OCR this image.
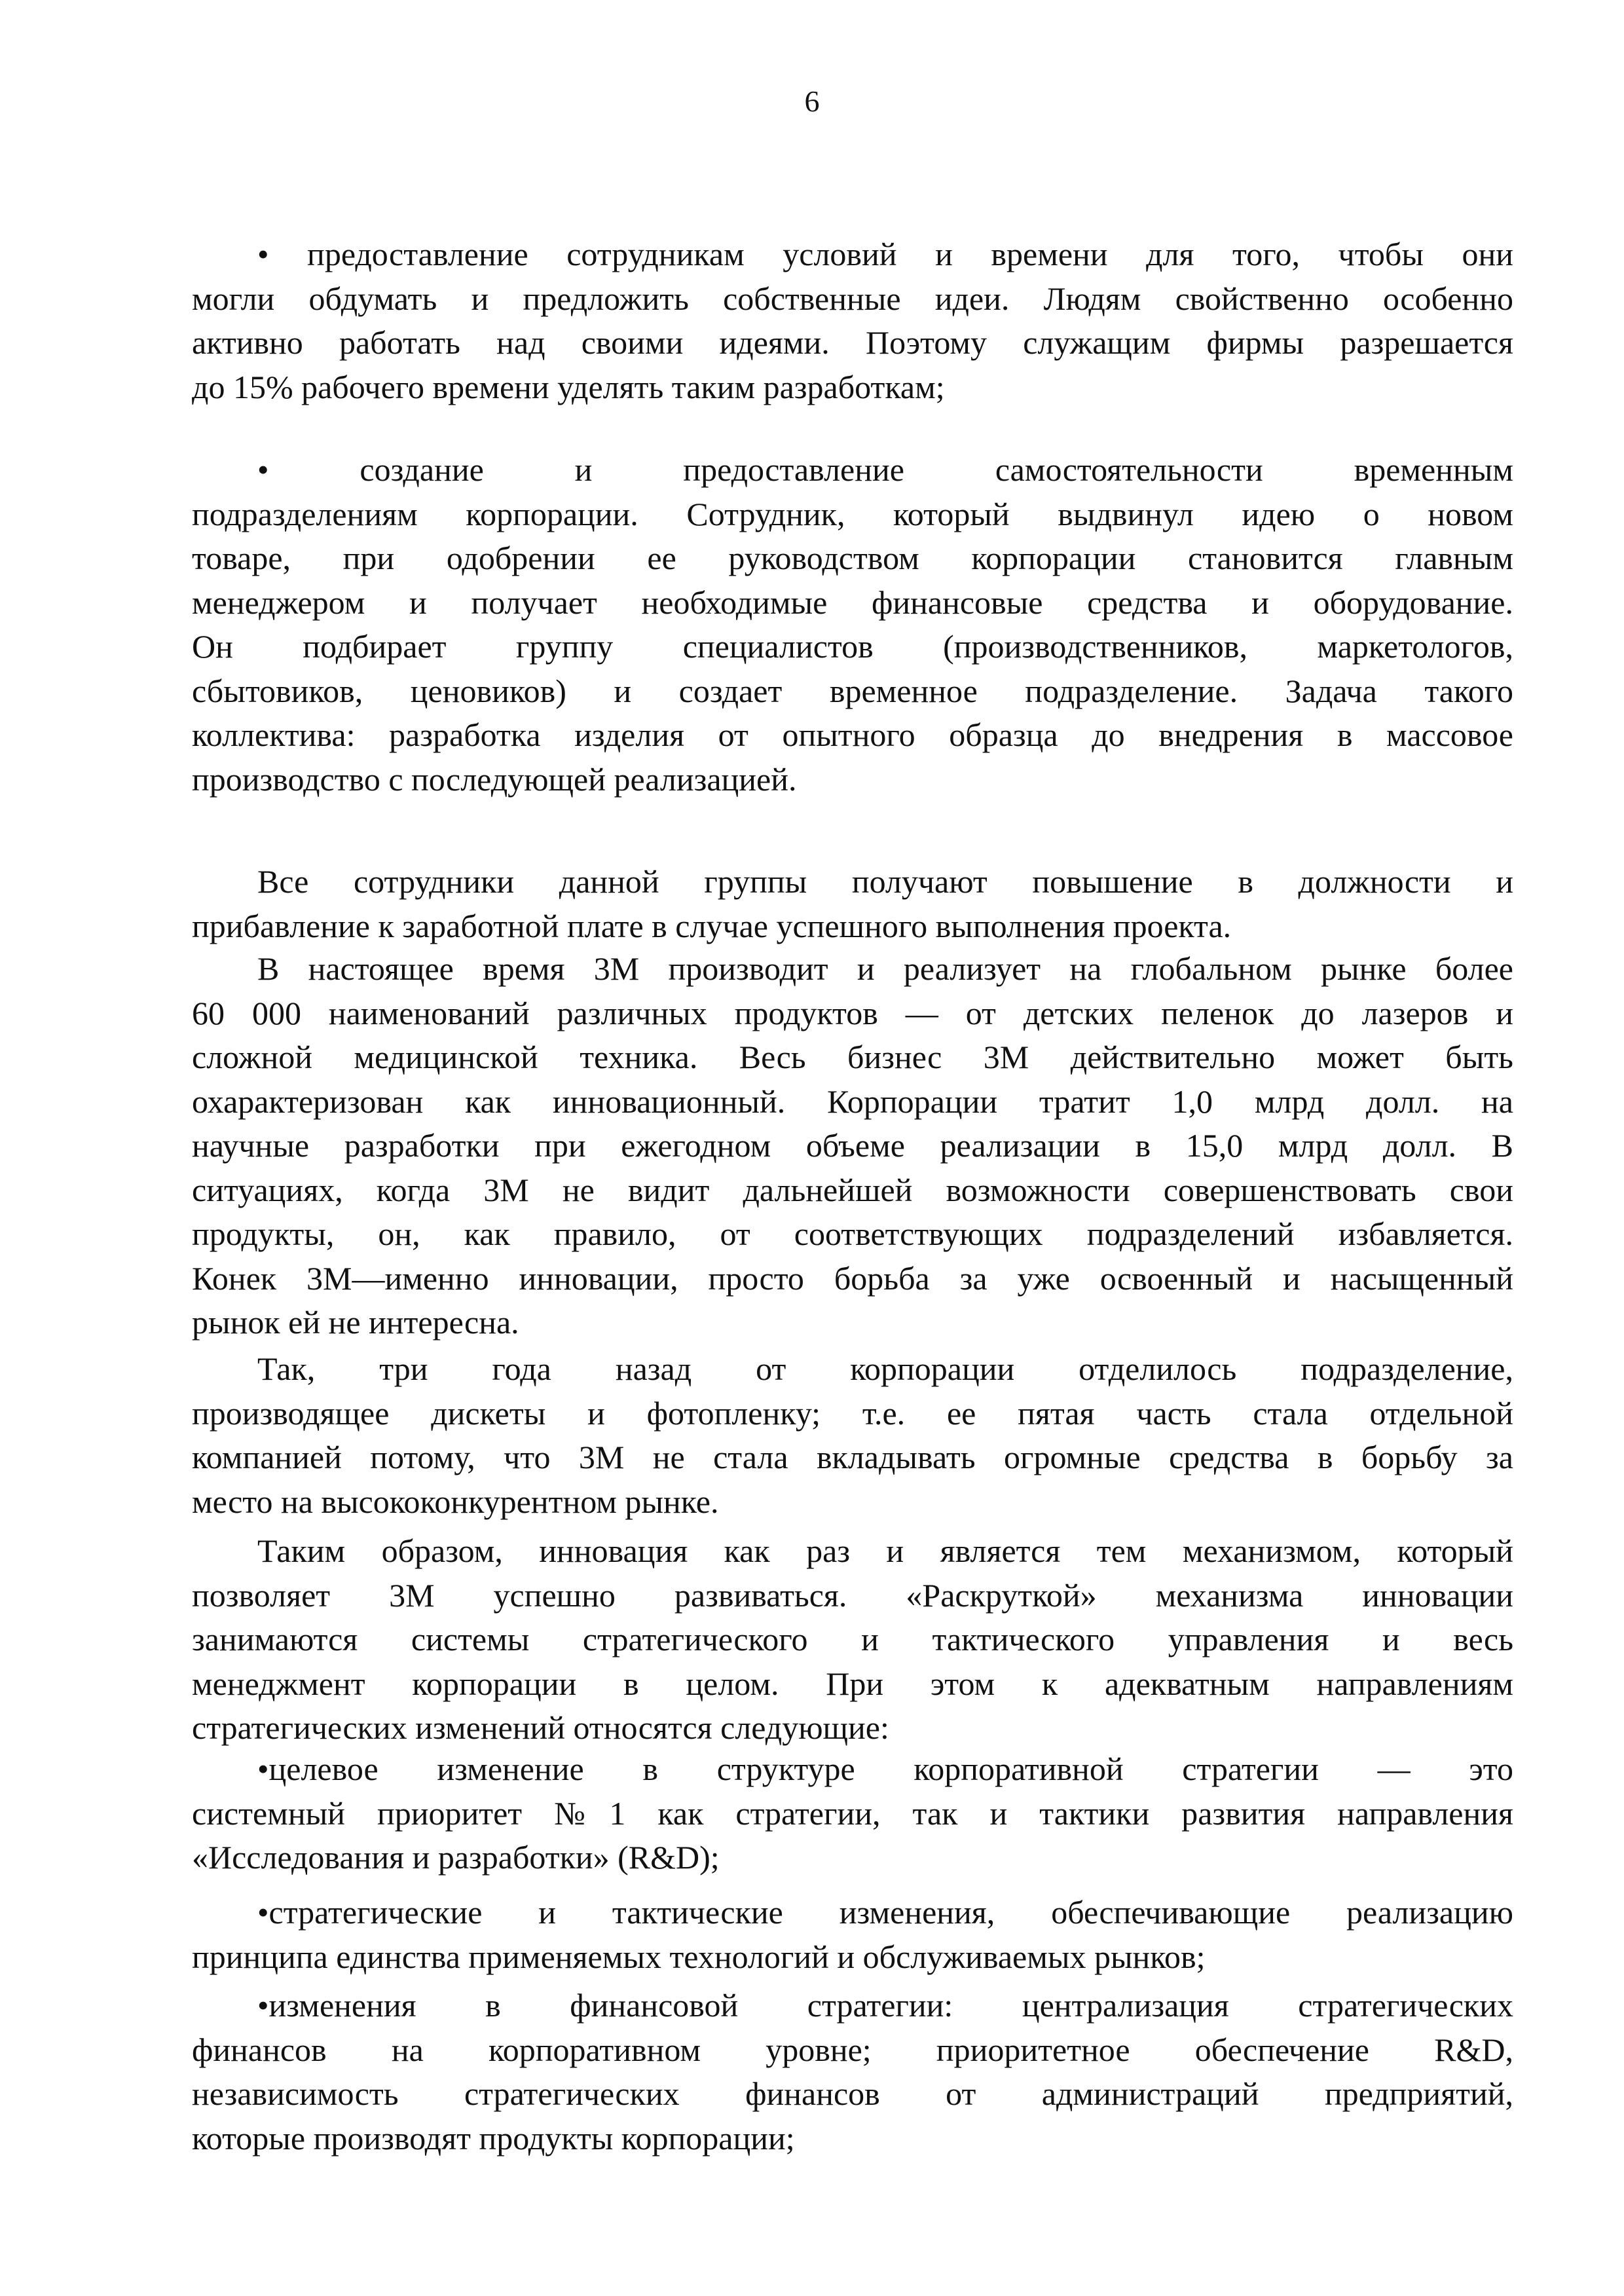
6
• предоставление сотрудникам условий и времени для того, чтобы они
могли обдумать и предложить собственные идеи. Людям свойственно особенно
активно работать над своими идеями. Поэтому служащим фирмы разрешается
до 15% рабочего времени уделять таким разработкам;
• создание и предоставление самостоятельности временным
подразделениям корпорации. Сотрудник, который выдвинул идею о новом
товаре, при одобрении ее руководством корпорации становится главным
менеджером и получает необходимые финансовые средства и оборудование.
Он подбирает группу специалистов (производственников, маркетологов,
сбытовиков, ценовиков) и создает временное подразделение. Задача такого
коллектива: разработка изделия от опытного образца до внедрения в массовое
производство с последующей реализацией.
Все сотрудники данной группы получают повышение в должности и
прибавление к заработной плате в случае успешного выполнения проекта.
В настоящее время 3М производит и реализует на глобальном рынке более
60 000 наименований различных продуктов — от детских пеленок до лазеров и
сложной медицинской техника. Весь бизнес 3М действительно может быть
охарактеризован как инновационный. Корпорации тратит 1,0 млрд долл. на
научные разработки при ежегодном объеме реализации в 15,0 млрд долл. В
ситуациях, когда 3М не видит дальнейшей возможности совершенствовать свои
продукты, он, как правило, от соответствующих подразделений избавляется.
Конек 3М—именно инновации, просто борьба за уже освоенный и насыщенный
рынок ей не интересна.
Так, три года назад от корпорации отделилось подразделение,
производящее дискеты и фотопленку; т.е. ее пятая часть стала отдельной
компанией потому, что 3М не стала вкладывать огромные средства в борьбу за
место на высококонкурентном рынке.
Таким образом, инновация как раз и является тем механизмом, который
позволяет 3М успешно развиваться. «Раскруткой» механизма инновации
занимаются системы стратегического и тактического управления и весь
менеджмент корпорации в целом. При этом к адекватным направлениям
стратегических изменений относятся следующие:
•целевое изменение в структуре корпоративной стратегии — это
системный приоритет №1 как стратегии, так и тактики развития направления
«Исследования и разработки» (R&D);
•стратегические и тактические изменения, обеспечивающие реализацию
принципа единства применяемых технологий и обслуживаемых рынков;
•изменения в финансовой стратегии: централизация стратегических
финансов на корпоративном уровне; приоритетное обеспечение R&D,
независимость стратегических финансов от администраций предприятий,
которые производят продукты корпорации;
